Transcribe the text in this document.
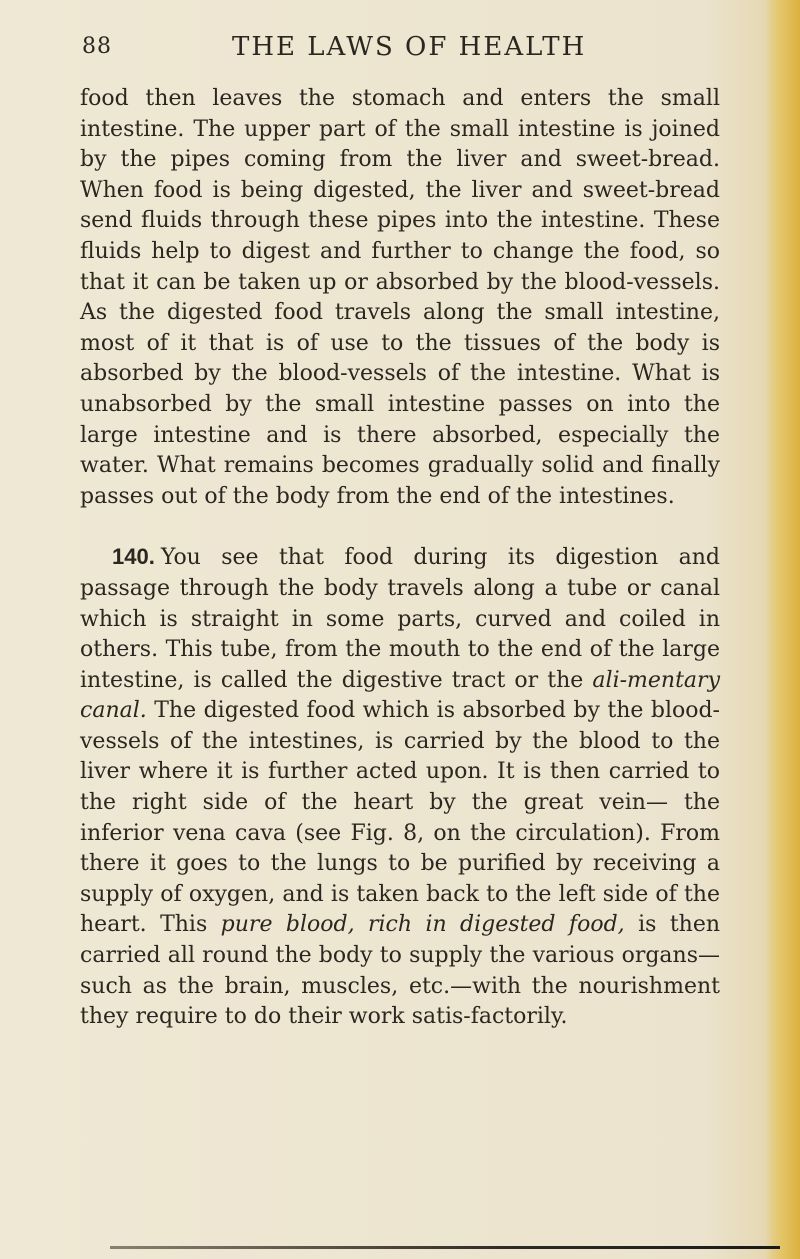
88	THE LAWS OF HEALTH

food then leaves the stomach and enters the small intestine. The upper part of the small intestine is joined by the pipes coming from the liver and sweet-bread. When food is being digested, the liver and sweet-bread send fluids through these pipes into the intestine. These fluids help to digest and further to change the food, so that it can be taken up or absorbed by the blood-vessels. As the digested food travels along the small intestine, most of it that is of use to the tissues of the body is absorbed by the blood-vessels of the intestine. What is unabsorbed by the small intestine passes on into the large intestine and is there absorbed, especially the water. What remains becomes gradually solid and finally passes out of the body from the end of the intestines.

140. You see that food during its digestion and passage through the body travels along a tube or canal which is straight in some parts, curved and coiled in others. This tube, from the mouth to the end of the large intestine, is called the digestive tract or the ali-mentary canal. The digested food which is absorbed by the blood-vessels of the intestines, is carried by the blood to the liver where it is further acted upon. It is then carried to the right side of the heart by the great vein— the inferior vena cava (see Fig. 8, on the circulation). From there it goes to the lungs to be purified by receiving a supply of oxygen, and is taken back to the left side of the heart. This pure blood, rich in digested food, is then carried all round the body to supply the various organs—such as the brain, muscles, etc.—with the nourishment they require to do their work satis-factorily.
